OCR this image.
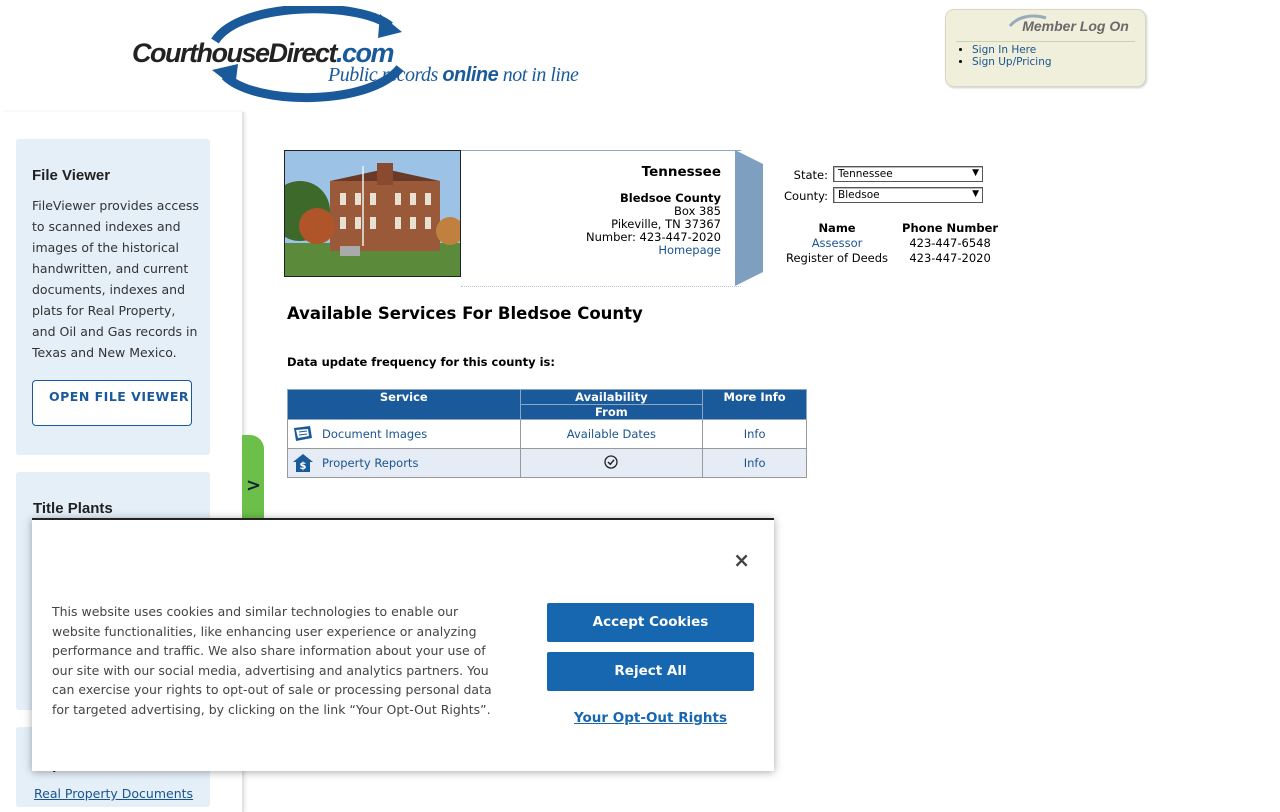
CourthouseDirect.com
Public records online not in line
Member Log On
• Sign In Here
• Sign Up/Pricing
File Viewer
FileViewer provides access to scanned indexes and images of the historical handwritten, and current documents, indexes and plats for Real Property, and Oil and Gas records in Texas and New Mexico.
OPEN FILE VIEWER
Title Plants
Real Property Documents
>
Tennessee
Bledsoe County
Box 385
Pikeville, TN 37367
Number: 423-447-2020
Homepage
State: Tennessee	▼
County: Bledsoe	▼
Name	Phone Number
Assessor	423-447-6548
Register of Deeds	423-447-2020
Available Services For Bledsoe County
Data update frequency for this county is:
Service	Availability	More Info
	From	

Document Images	Available Dates	Info

$ Property Reports		Info
×
This website uses cookies and similar technologies to enable our website functionalities, like enhancing user experience or analyzing performance and traffic. We also share information about your use of our site with our social media, advertising and analytics partners. You can exercise your rights to opt-out of sale or processing personal data for targeted advertising, by clicking on the link “Your Opt-Out Rights”.
Accept Cookies
Reject All
Your Opt-Out Rights
